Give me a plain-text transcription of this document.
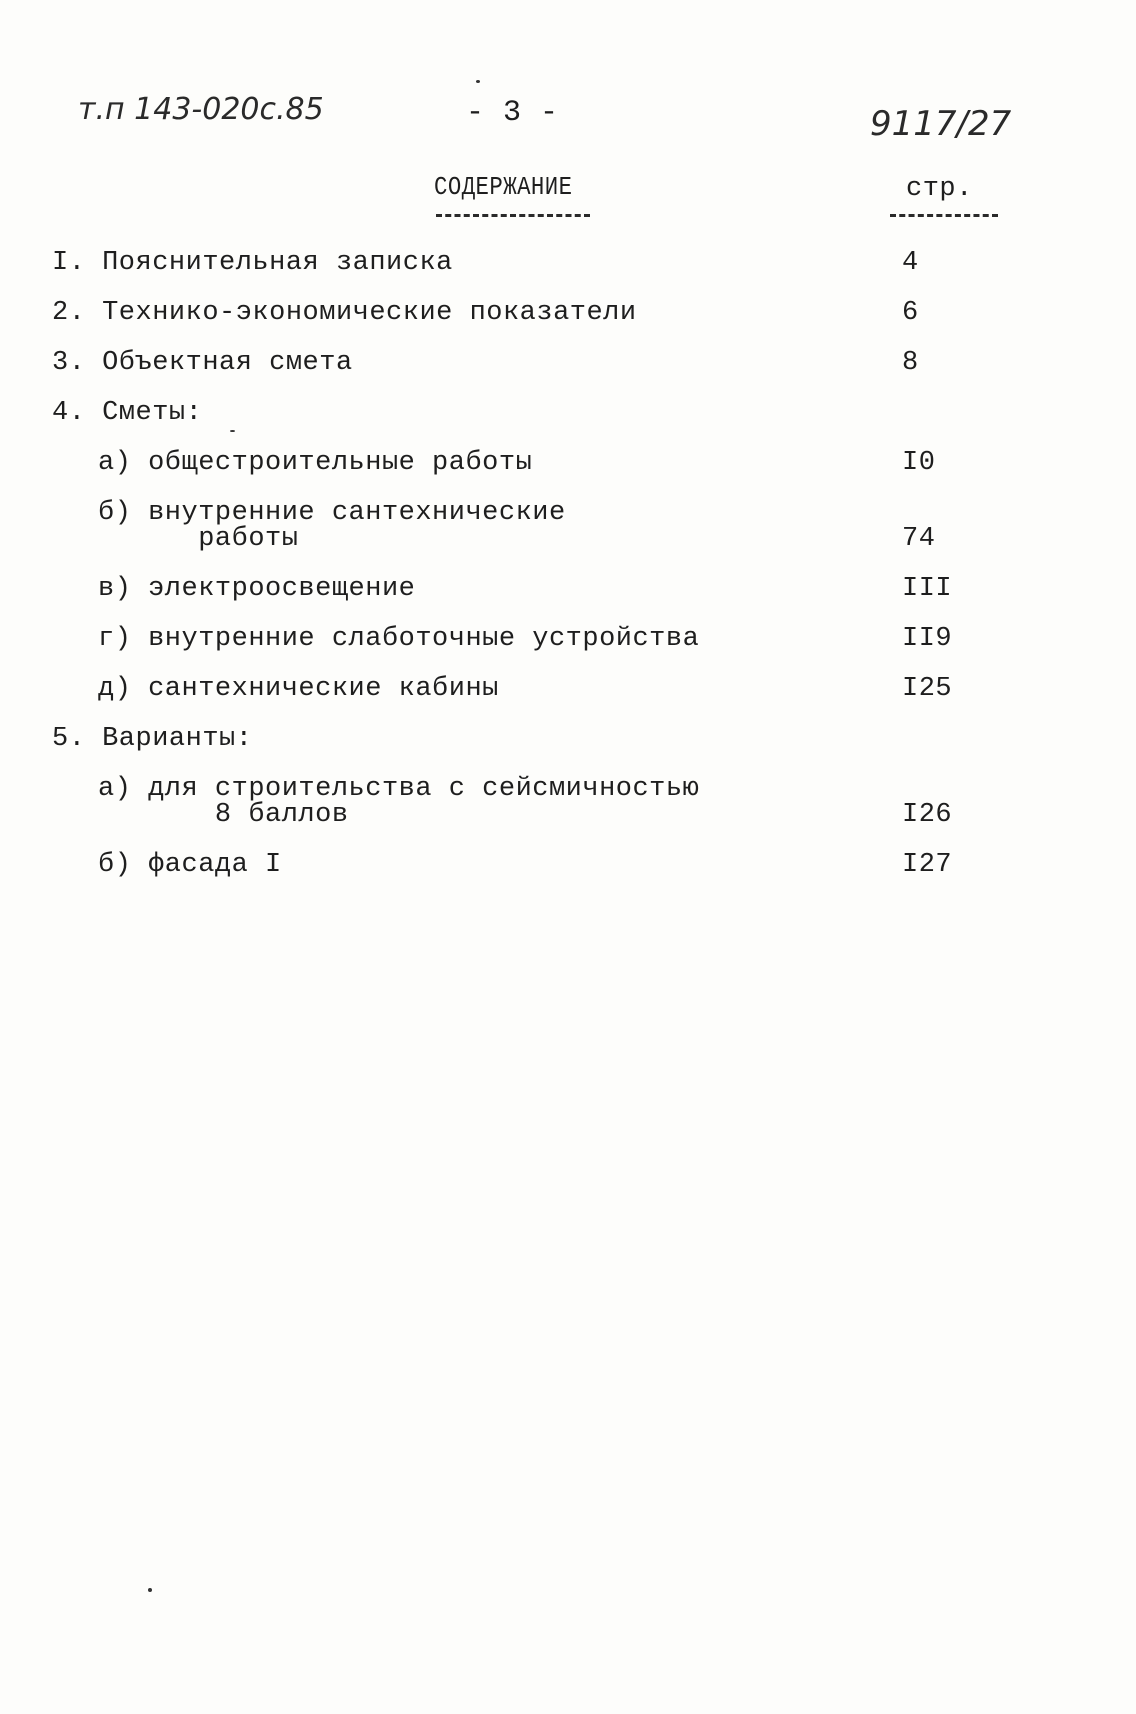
т.п 143-020с.85	- 3 -	9117/27
СОДЕРЖАНИЕ	стр.
I. Пояснительная записка	4
2. Технико-экономические показатели	6
3. Объектная смета	8
4. Сметы:
а) общестроительные работы	I0
б) внутренние сантехнические
работы	74
в) электроосвещение	III
г) внутренние слаботочные устройства	II9
д) сантехнические кабины	I25
5. Варианты:
а) для строительства с сейсмичностью
8 баллов	I26
б) фасада I	I27
